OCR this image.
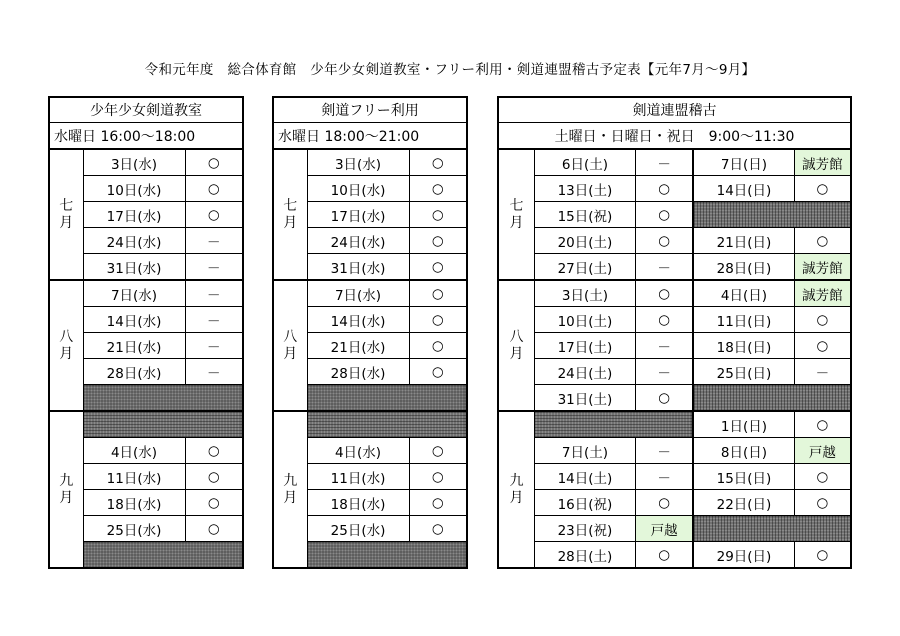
令和元年度　総合体育館　少年少女剣道教室・フリー利用・剣道連盟稽古予定表【元年7月～9月】
少年少女剣道教室		
水曜日 16:00～18:00		

七
月	3日(水)	○
	10日(水)	○
	17日(水)	○
	24日(水)	－
	31日(水)	－

八
月	7日(水)	－
	14日(水)	－
	21日(水)	－
	28日(水)	－

九
月		

	4日(水)	○
	11日(水)	○
	18日(水)	○
	25日(水)	○

剣道フリー利用		
水曜日 18:00～21:00		

七
月	3日(水)	○
	10日(水)	○
	17日(水)	○
	24日(水)	○
	31日(水)	○

八
月	7日(水)	○
	14日(水)	○
	21日(水)	○
	28日(水)	○

九
月		

	4日(水)	○
	11日(水)	○
	18日(水)	○
	25日(水)	○

剣道連盟稽古				
土曜日・日曜日・祝日　9:00～11:30				

七
月	6日(土)	－	7日(日)	誠芳館
	13日(土)	○	14日(日)	○
	15日(祝)	○		
	20日(土)	○	21日(日)	○
	27日(土)	－	28日(日)	誠芳館

八
月	3日(土)	○	4日(日)	誠芳館
	10日(土)	○	11日(日)	○
	17日(土)	－	18日(日)	○
	24日(土)	－	25日(日)	－
	31日(土)	○		

九
月			1日(日)	○
	7日(土)	－	8日(日)	戸越
	14日(土)	－	15日(日)	○
	16日(祝)	○	22日(日)	○
	23日(祝)	戸越		
	28日(土)	○	29日(日)	○
